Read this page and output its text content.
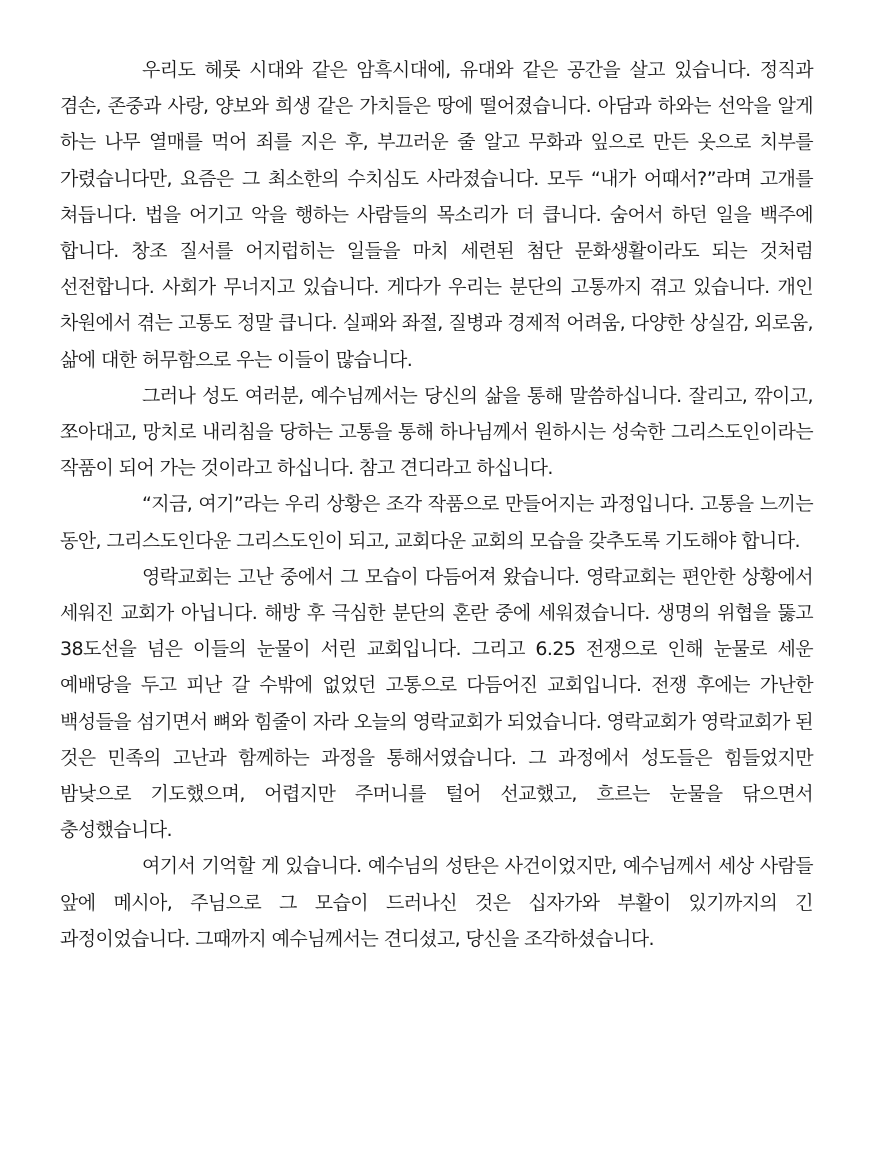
우리도 헤롯 시대와 같은 암흑시대에, 유대와 같은 공간을 살고 있습니다. 정직과 겸손, 존중과 사랑, 양보와 희생 같은 가치들은 땅에 떨어졌습니다. 아담과 하와는 선악을 알게 하는 나무 열매를 먹어 죄를 지은 후, 부끄러운 줄 알고 무화과 잎으로 만든 옷으로 치부를 가렸습니다만, 요즘은 그 최소한의 수치심도 사라졌습니다. 모두 “내가 어때서?”라며 고개를 쳐듭니다. 법을 어기고 악을 행하는 사람들의 목소리가 더 큽니다. 숨어서 하던 일을 백주에 합니다. 창조 질서를 어지럽히는 일들을 마치 세련된 첨단 문화생활이라도 되는 것처럼 선전합니다. 사회가 무너지고 있습니다. 게다가 우리는 분단의 고통까지 겪고 있습니다. 개인 차원에서 겪는 고통도 정말 큽니다. 실패와 좌절, 질병과 경제적 어려움, 다양한 상실감, 외로움, 삶에 대한 허무함으로 우는 이들이 많습니다.

그러나 성도 여러분, 예수님께서는 당신의 삶을 통해 말씀하십니다. 잘리고, 깎이고, 쪼아대고, 망치로 내리침을 당하는 고통을 통해 하나님께서 원하시는 성숙한 그리스도인이라는 작품이 되어 가는 것이라고 하십니다. 참고 견디라고 하십니다.

“지금, 여기”라는 우리 상황은 조각 작품으로 만들어지는 과정입니다. 고통을 느끼는 동안, 그리스도인다운 그리스도인이 되고, 교회다운 교회의 모습을 갖추도록 기도해야 합니다.

영락교회는 고난 중에서 그 모습이 다듬어져 왔습니다. 영락교회는 편안한 상황에서 세워진 교회가 아닙니다. 해방 후 극심한 분단의 혼란 중에 세워졌습니다. 생명의 위협을 뚫고 38도선을 넘은 이들의 눈물이 서린 교회입니다. 그리고 6.25 전쟁으로 인해 눈물로 세운 예배당을 두고 피난 갈 수밖에 없었던 고통으로 다듬어진 교회입니다. 전쟁 후에는 가난한 백성들을 섬기면서 뼈와 힘줄이 자라 오늘의 영락교회가 되었습니다. 영락교회가 영락교회가 된 것은 민족의 고난과 함께하는 과정을 통해서였습니다. 그 과정에서 성도들은 힘들었지만 밤낮으로 기도했으며, 어렵지만 주머니를 털어 선교했고, 흐르는 눈물을 닦으면서 충성했습니다.

여기서 기억할 게 있습니다. 예수님의 성탄은 사건이었지만, 예수님께서 세상 사람들 앞에 메시아, 주님으로 그 모습이 드러나신 것은 십자가와 부활이 있기까지의 긴 과정이었습니다. 그때까지 예수님께서는 견디셨고, 당신을 조각하셨습니다.
